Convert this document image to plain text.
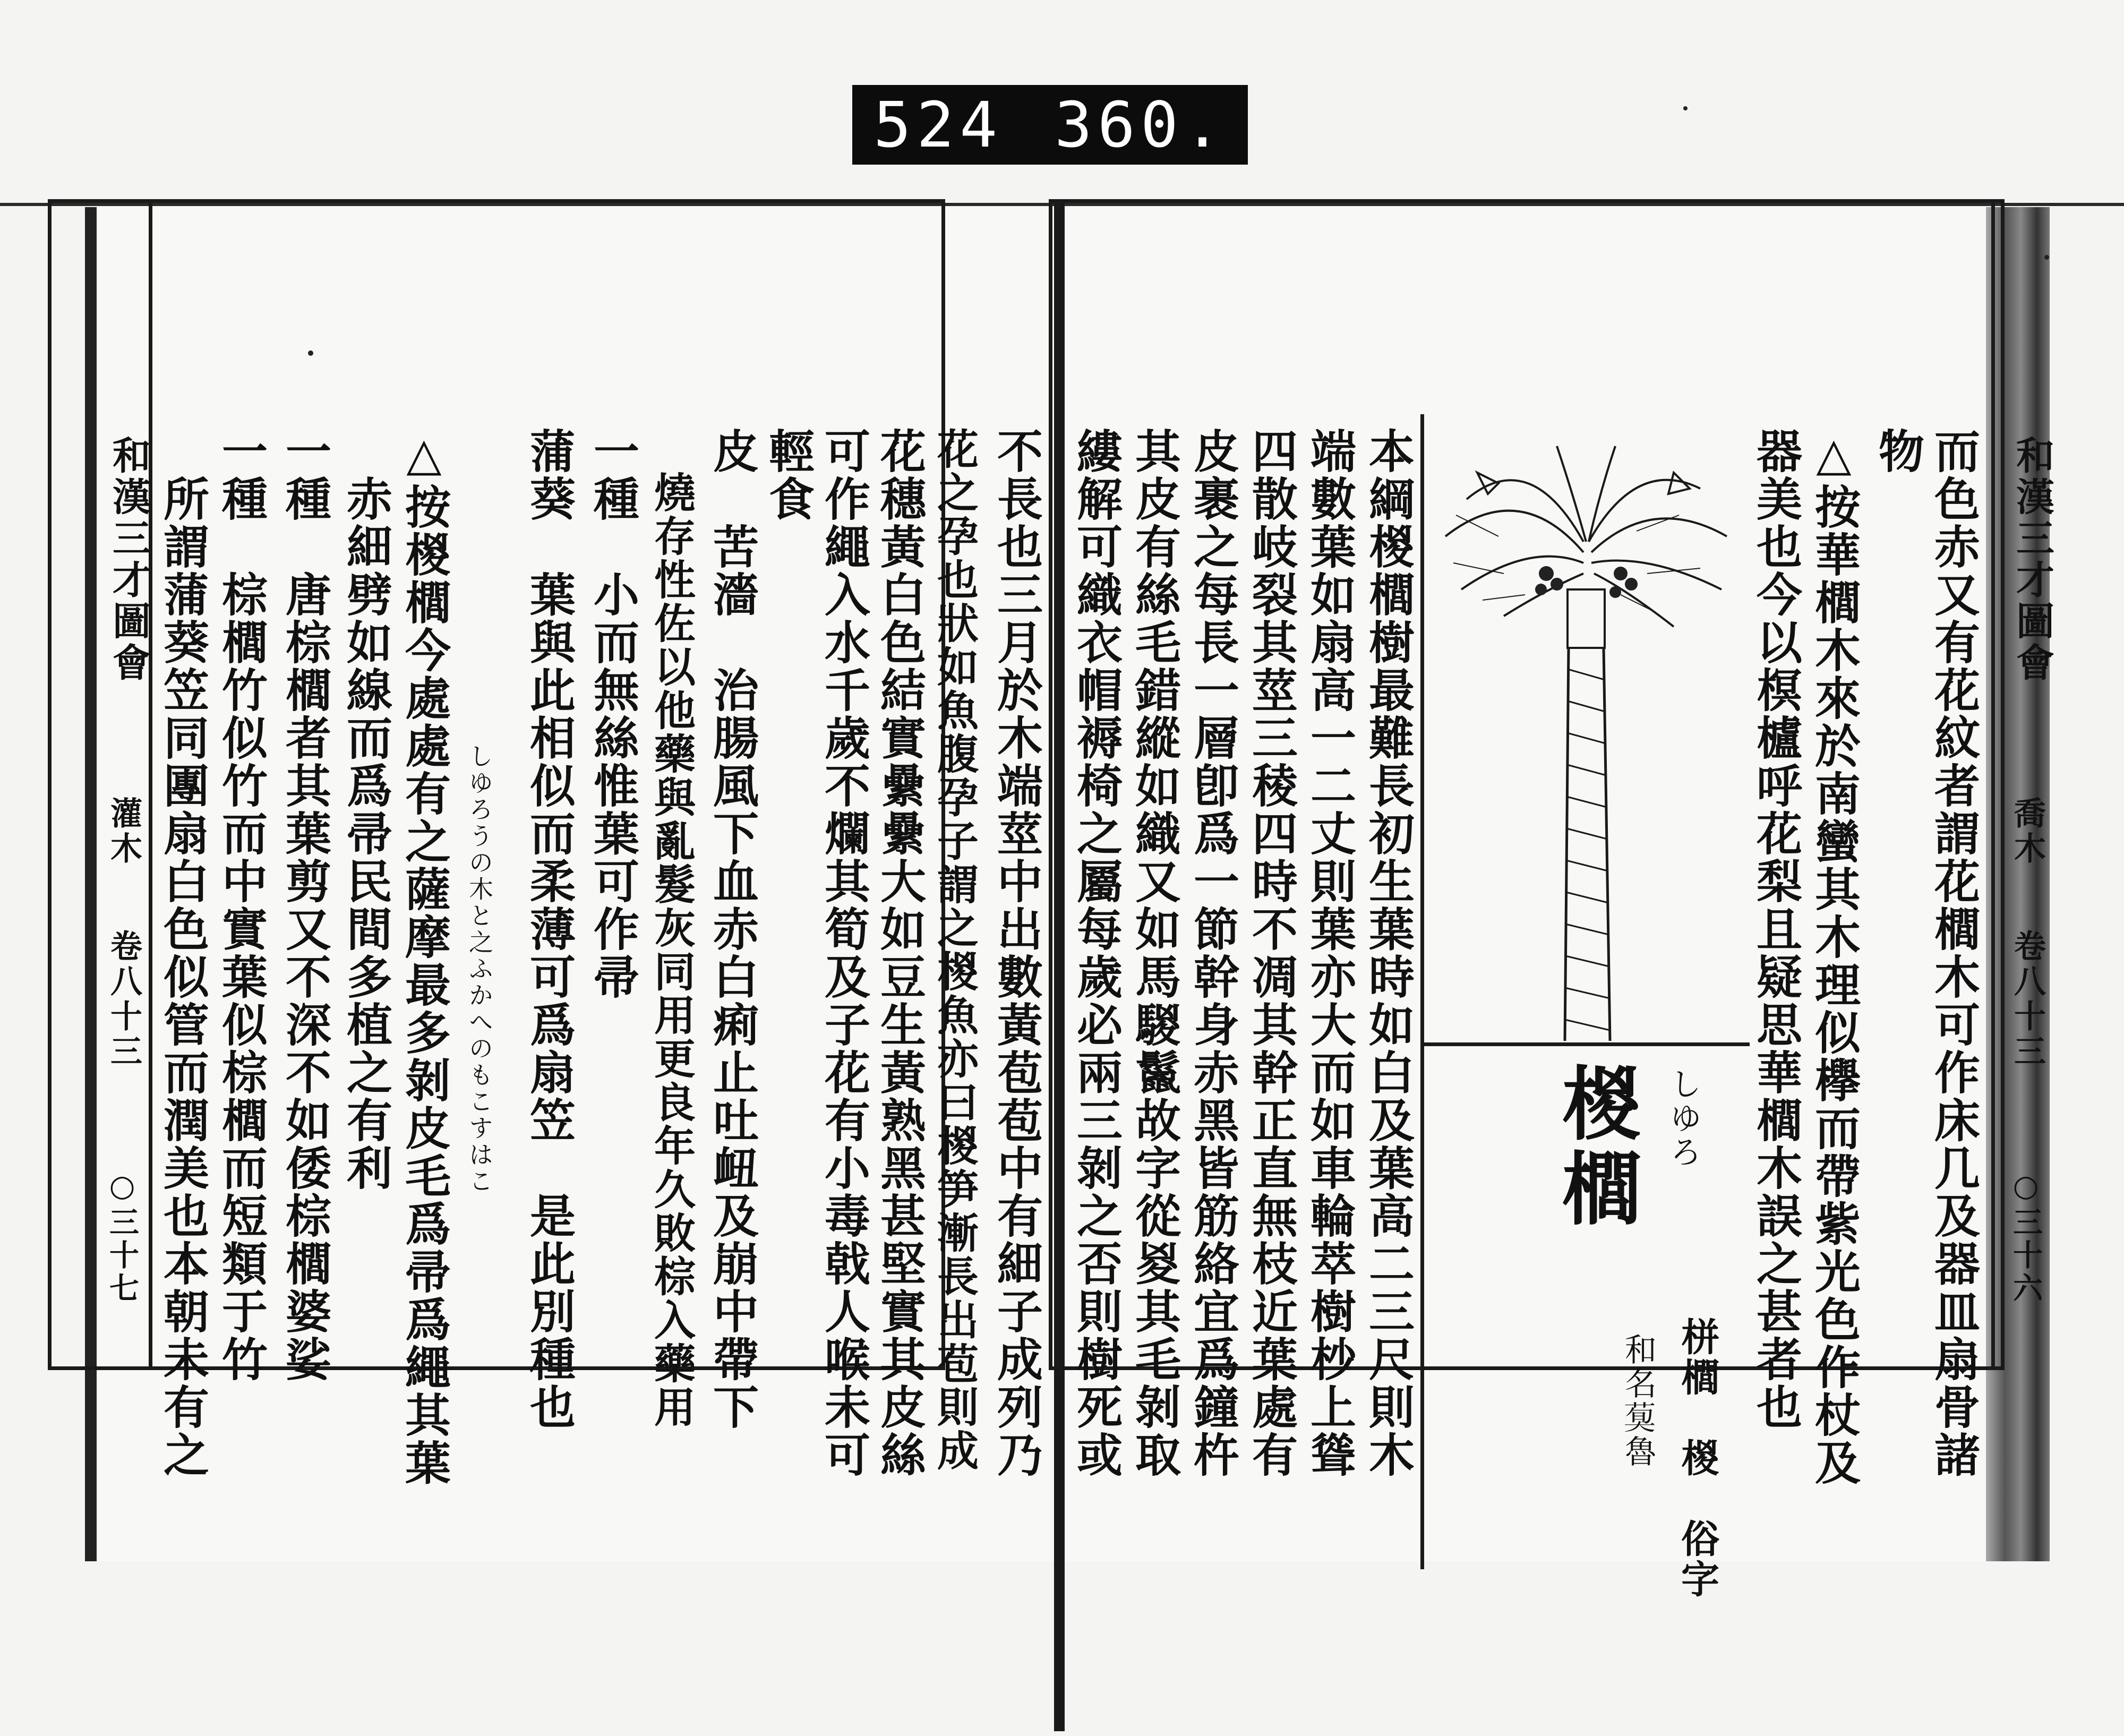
524 360.
和漢三才圖會
灌木
卷八十三
○三十七	不長也三月於木端莖中出數黃苞苞中有細子成列乃
花之孕也狀如魚腹孕子謂之椶魚亦曰椶笋漸長出苞則成
花穗黃白色結實纍纍大如豆生黃熟黑甚堅實其皮絲
可作繩入水千歲不爛其筍及子花有小毒戟人喉未可
輕食
皮　苦濇　治腸風下血赤白痢止吐衄及崩中帶下
　燒存性佐以他藥與亂髮灰同用更良年久敗棕入藥用
一種　小而無絲惟葉可作帚
蒲葵　葉與此相似而柔薄可爲扇笠　是此別種也
しゆろうの木と之ふかへのもこすはこ
△按椶櫚今處處有之薩摩最多剝皮毛爲帚爲繩其葉
　赤細劈如線而爲帚民間多植之有利
一種　唐棕櫚者其葉剪又不深不如倭棕櫚婆娑
一種　棕櫚竹似竹而中實葉似棕櫚而短類于竹
　所謂蒲葵笠同團扇白色似管而潤美也本朝未有之	和漢三才圖會
喬木
卷八十三
○三十六
而色赤又有花紋者謂花櫚木可作床几及器皿扇骨諸
物
△按華櫚木來於南蠻其木理似欅而帶紫光色作杖及
器美也今以榠櫨呼花梨且疑思華櫚木誤之甚者也
椶櫚 しゆろ
栟櫚　椶　俗字
和名𦳣魯
本綱椶櫚樹最難長初生葉時如白及葉高二三尺則木
端數葉如扇高一二丈則葉亦大而如車輪萃樹杪上聳
四散岐裂其莖三稜四時不凋其幹正直無枝近葉處有
皮裹之每長一層卽爲一節幹身赤黑皆筋絡宜爲鐘杵
其皮有絲毛錯縱如織又如馬騣鬣故字從㚇其毛剝取
縷解可織衣帽褥椅之屬每歲必兩三剝之否則樹死或
